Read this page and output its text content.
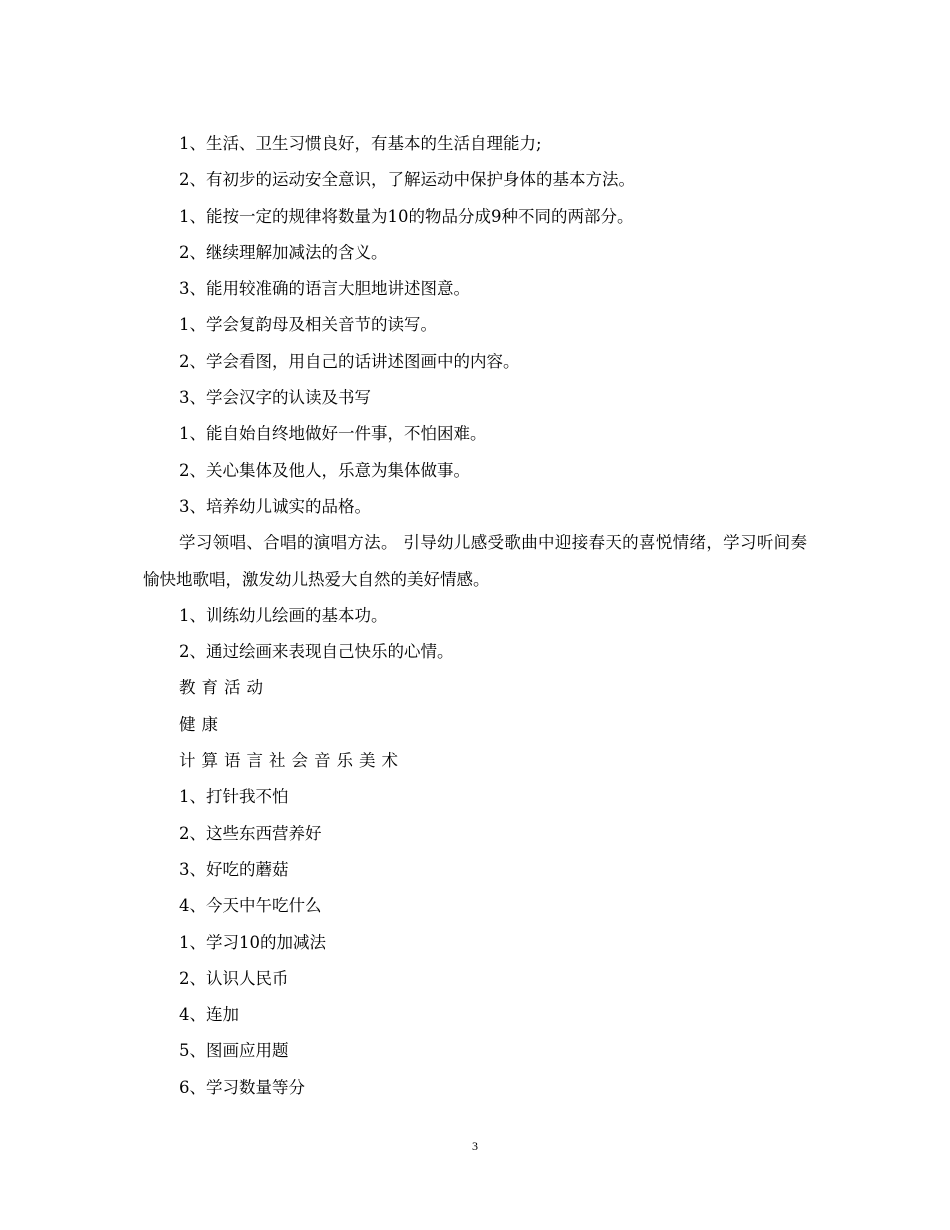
1、生活、卫生习惯良好，有基本的生活自理能力;

2、有初步的运动安全意识，了解运动中保护身体的基本方法。

1、能按一定的规律将数量为10的物品分成9种不同的两部分。

2、继续理解加减法的含义。

3、能用较准确的语言大胆地讲述图意。

1、学会复韵母及相关音节的读写。

2、学会看图，用自己的话讲述图画中的内容。

3、学会汉字的认读及书写

1、能自始自终地做好一件事，不怕困难。

2、关心集体及他人，乐意为集体做事。

3、培养幼儿诚实的品格。

学习领唱、合唱的演唱方法。 引导幼儿感受歌曲中迎接春天的喜悦情绪，学习听间奏愉快地歌唱，激发幼儿热爱大自然的美好情感。

1、训练幼儿绘画的基本功。

2、通过绘画来表现自己快乐的心情。

教育活动

健康

计算语言社会音乐美术

1、打针我不怕

2、这些东西营养好

3、好吃的蘑菇

4、今天中午吃什么

1、学习10的加减法

2、认识人民币

4、连加

5、图画应用题

6、学习数量等分

3
